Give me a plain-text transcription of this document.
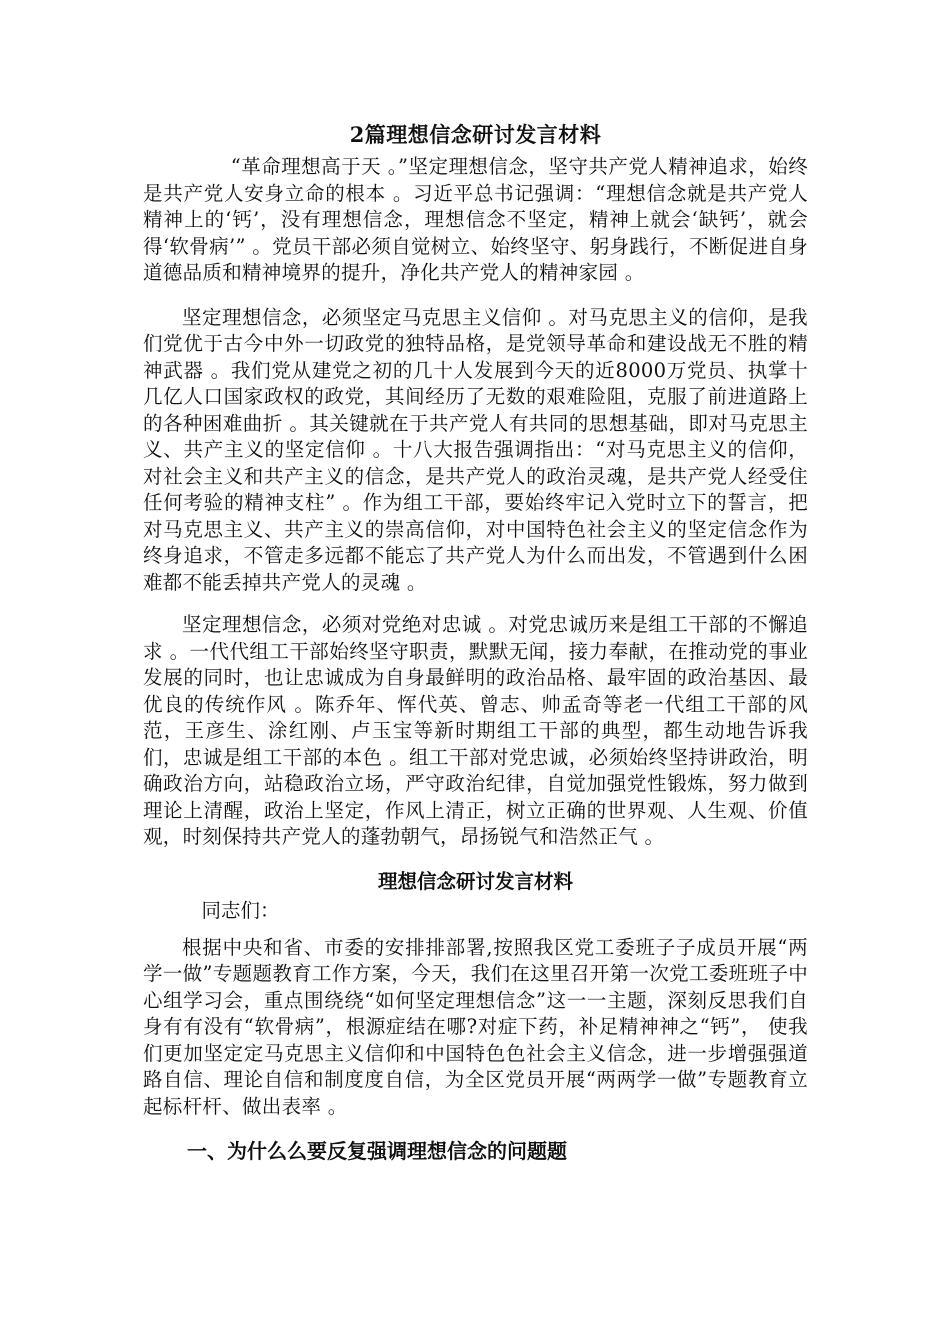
2篇理想信念研讨发言材料

“革命理想高于天 。”坚定理想信念，坚守共产党人精神追求，始终是共产党人安身立命的根本 。习近平总书记强调：“理想信念就是共产党人精神上的‘钙’，没有理想信念，理想信念不坚定，精神上就会‘缺钙’，就会得‘软骨病’” 。党员干部必须自觉树立、始终坚守、躬身践行，不断促进自身道德品质和精神境界的提升，净化共产党人的精神家园 。

坚定理想信念，必须坚定马克思主义信仰 。对马克思主义的信仰，是我们党优于古今中外一切政党的独特品格，是党领导革命和建设战无不胜的精神武器 。我们党从建党之初的几十人发展到今天的近8000万党员、执掌十几亿人口国家政权的政党，其间经历了无数的艰难险阻，克服了前进道路上的各种困难曲折 。其关键就在于共产党人有共同的思想基础，即对马克思主义、共产主义的坚定信仰 。十八大报告强调指出：“对马克思主义的信仰，对社会主义和共产主义的信念，是共产党人的政治灵魂，是共产党人经受住任何考验的精神支柱” 。作为组工干部，要始终牢记入党时立下的誓言，把对马克思主义、共产主义的崇高信仰，对中国特色社会主义的坚定信念作为终身追求，不管走多远都不能忘了共产党人为什么而出发，不管遇到什么困难都不能丢掉共产党人的灵魂 。

坚定理想信念，必须对党绝对忠诚 。对党忠诚历来是组工干部的不懈追求 。一代代组工干部始终坚守职责，默默无闻，接力奉献，在推动党的事业发展的同时，也让忠诚成为自身最鲜明的政治品格、最牢固的政治基因、最优良的传统作风 。陈乔年、恽代英、曾志、帅孟奇等老一代组工干部的风范，王彦生、涂红刚、卢玉宝等新时期组工干部的典型，都生动地告诉我们，忠诚是组工干部的本色 。组工干部对党忠诚，必须始终坚持讲政治，明确政治方向，站稳政治立场，严守政治纪律，自觉加强党性锻炼，努力做到理论上清醒，政治上坚定，作风上清正，树立正确的世界观、人生观、价值观，时刻保持共产党人的蓬勃朝气，昂扬锐气和浩然正气 。

理想信念研讨发言材料
同志们：

根据中央和省、市委的安排排部署,按照我区党工委班子子成员开展“两学一做”专题题教育工作方案，今天，我们在这里召开第一次党工委班班子中心组学习会，重点围绕绕“如何坚定理想信念”这一一主题，深刻反思我们自身有有没有“软骨病”，根源症结在哪?对症下药，补足精神神之“钙”， 使我们更加坚定定马克思主义信仰和中国特色色社会主义信念，进一步增强强道路自信、理论自信和制度度自信，为全区党员开展“两两学一做”专题教育立起标杆杆、做出表率 。

一、为什么么要反复强调理想信念的问题题
